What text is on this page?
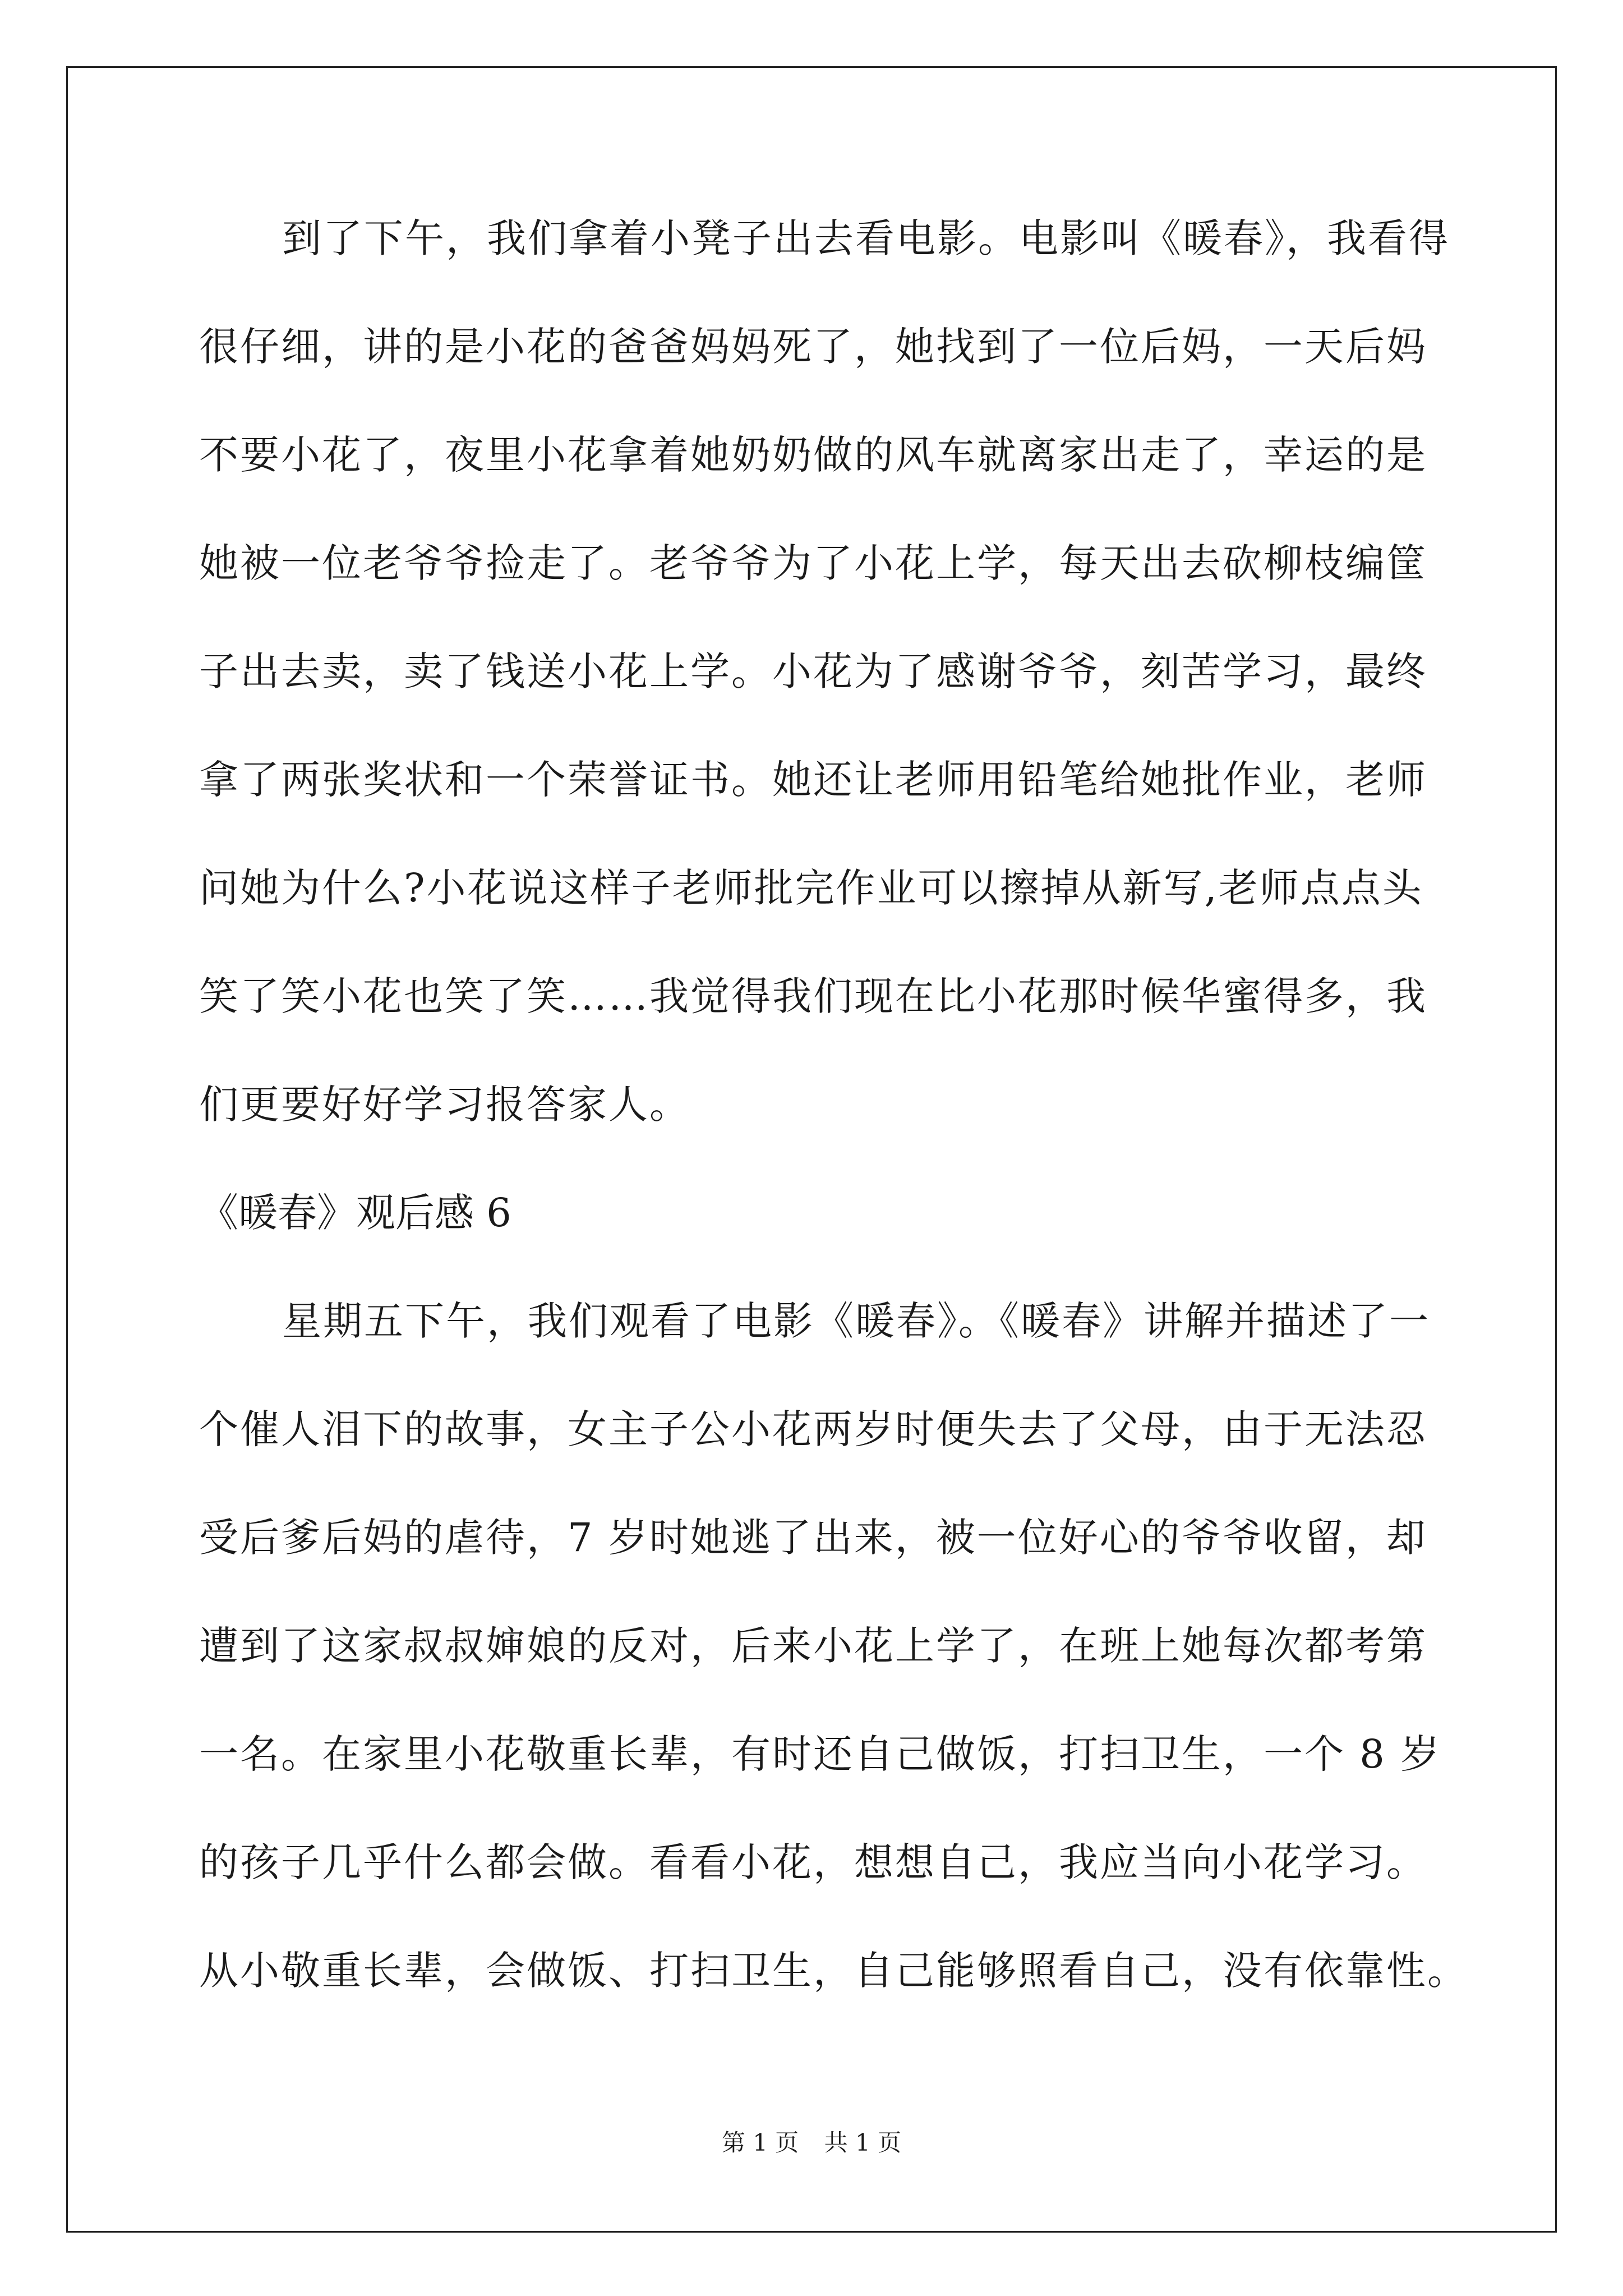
到了下午，我们拿着小凳子出去看电影。电影叫《暖春》，我看得
很仔细，讲的是小花的爸爸妈妈死了，她找到了一位后妈，一天后妈
不要小花了，夜里小花拿着她奶奶做的风车就离家出走了，幸运的是
她被一位老爷爷捡走了。老爷爷为了小花上学，每天出去砍柳枝编筐
子出去卖，卖了钱送小花上学。小花为了感谢爷爷，刻苦学习，最终
拿了两张奖状和一个荣誉证书。她还让老师用铅笔给她批作业，老师
问她为什么?小花说这样子老师批完作业可以擦掉从新写,老师点点头
笑了笑小花也笑了笑……我觉得我们现在比小花那时候华蜜得多，我
们更要好好学习报答家人。
《暖春》观后感 6
星期五下午，我们观看了电影《暖春》。《暖春》讲解并描述了一
个催人泪下的故事，女主子公小花两岁时便失去了父母，由于无法忍
受后爹后妈的虐待，7 岁时她逃了出来，被一位好心的爷爷收留，却
遭到了这家叔叔婶娘的反对，后来小花上学了，在班上她每次都考第
一名。在家里小花敬重长辈，有时还自己做饭，打扫卫生，一个 8 岁
的孩子几乎什么都会做。看看小花，想想自己，我应当向小花学习。
从小敬重长辈，会做饭、打扫卫生，自己能够照看自己，没有依靠性。
第 1 页 共 1 页
